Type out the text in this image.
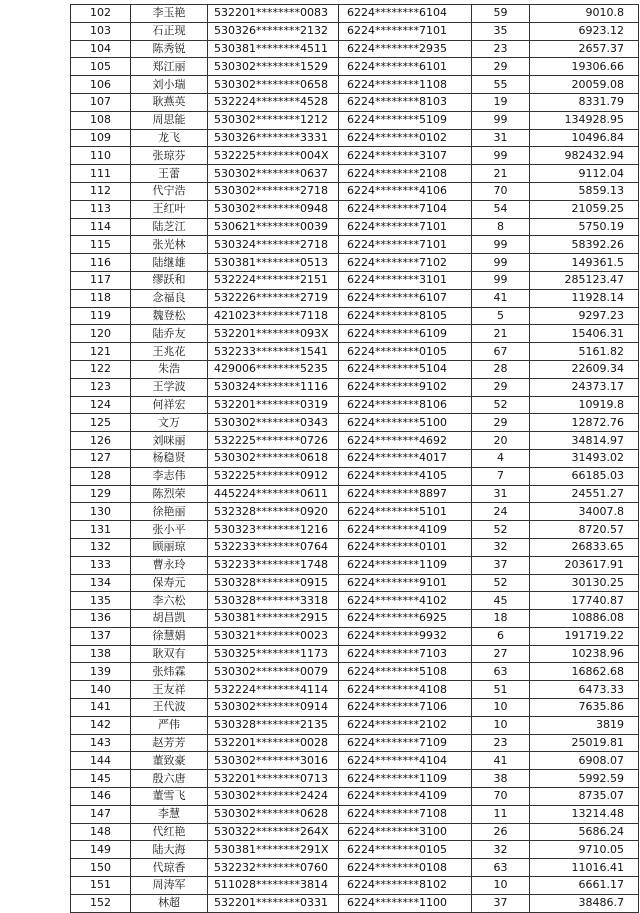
102	李玉艳	532201********0083	6224********6104	59	9010.8
103	石正现	530326********2132	6224********7101	35	6923.12
104	陈秀锐	530381********4511	6224********2935	23	2657.37
105	郑江丽	530302********1529	6224********6101	29	19306.66
106	刘小瑞	530302********0658	6224********1108	55	20059.08
107	耿燕英	532224********4528	6224********8103	19	8331.79
108	周思能	530302********1212	6224********5109	99	134928.95
109	龙飞	530326********3331	6224********0102	31	10496.84
110	张琼芬	532225********004X	6224********3107	99	982432.94
111	王蕾	530302********0637	6224********2108	21	9112.04
112	代宁浩	530302********2718	6224********4106	70	5859.13
113	王红叶	530302********0948	6224********7104	54	21059.25
114	陆芝江	530621********0039	6224********7101	8	5750.19
115	张光林	530324********2718	6224********7101	99	58392.26
116	陆继雄	530381********0513	6224********7102	99	149361.5
117	缪跃和	532224********2151	6224********3101	99	285123.47
118	念福良	532226********2719	6224********6107	41	11928.14
119	魏登松	421023********7118	6224********8105	5	9297.23
120	陆乔友	532201********093X	6224********6109	21	15406.31
121	王兆花	532233********1541	6224********0105	67	5161.82
122	朱浩	429006********5235	6224********5104	28	22609.34
123	王学波	530324********1116	6224********9102	29	24373.17
124	何祥宏	532201********0319	6224********8106	52	10919.8
125	文万	530302********0343	6224********5100	29	12872.76
126	刘咪丽	532225********0726	6224********4692	20	34814.97
127	杨稳贤	530302********0618	6224********4017	4	31493.02
128	李志伟	532225********0912	6224********4105	7	66185.03
129	陈烈荣	445224********0611	6224********8897	31	24551.27
130	徐艳丽	532328********0920	6224********5101	24	34007.8
131	张小平	530323********1216	6224********4109	52	8720.57
132	顾丽琼	532233********0764	6224********0101	32	26833.65
133	曹永玲	532233********1748	6224********1109	37	203617.91
134	保寿元	530328********0915	6224********9101	52	30130.25
135	李六松	530328********3318	6224********4102	45	17740.87
136	胡昌凯	530381********2915	6224********6925	18	10886.08
137	徐慧娟	530321********0023	6224********9932	6	191719.22
138	耿双有	530325********1173	6224********7103	27	10238.96
139	张炜霖	530302********0079	6224********5108	63	16862.68
140	王友祥	532224********4114	6224********4108	51	6473.33
141	王代波	530302********0914	6224********7106	10	7635.86
142	严伟	530328********2135	6224********2102	10	3819
143	赵芳芳	532201********0028	6224********7109	23	25019.81
144	董致豪	530302********3016	6224********4104	41	6908.07
145	殷六唐	532201********0713	6224********1109	38	5992.59
146	董雪飞	530302********2424	6224********4109	70	8735.07
147	李慧	530302********0628	6224********7108	11	13214.48
148	代红艳	530322********264X	6224********3100	26	5686.24
149	陆大海	530381********291X	6224********0105	32	9710.05
150	代琼香	532232********0760	6224********0108	63	11016.41
151	周涛军	511028********3814	6224********8102	10	6661.17
152	林超	532201********0331	6224********1100	37	38486.7
